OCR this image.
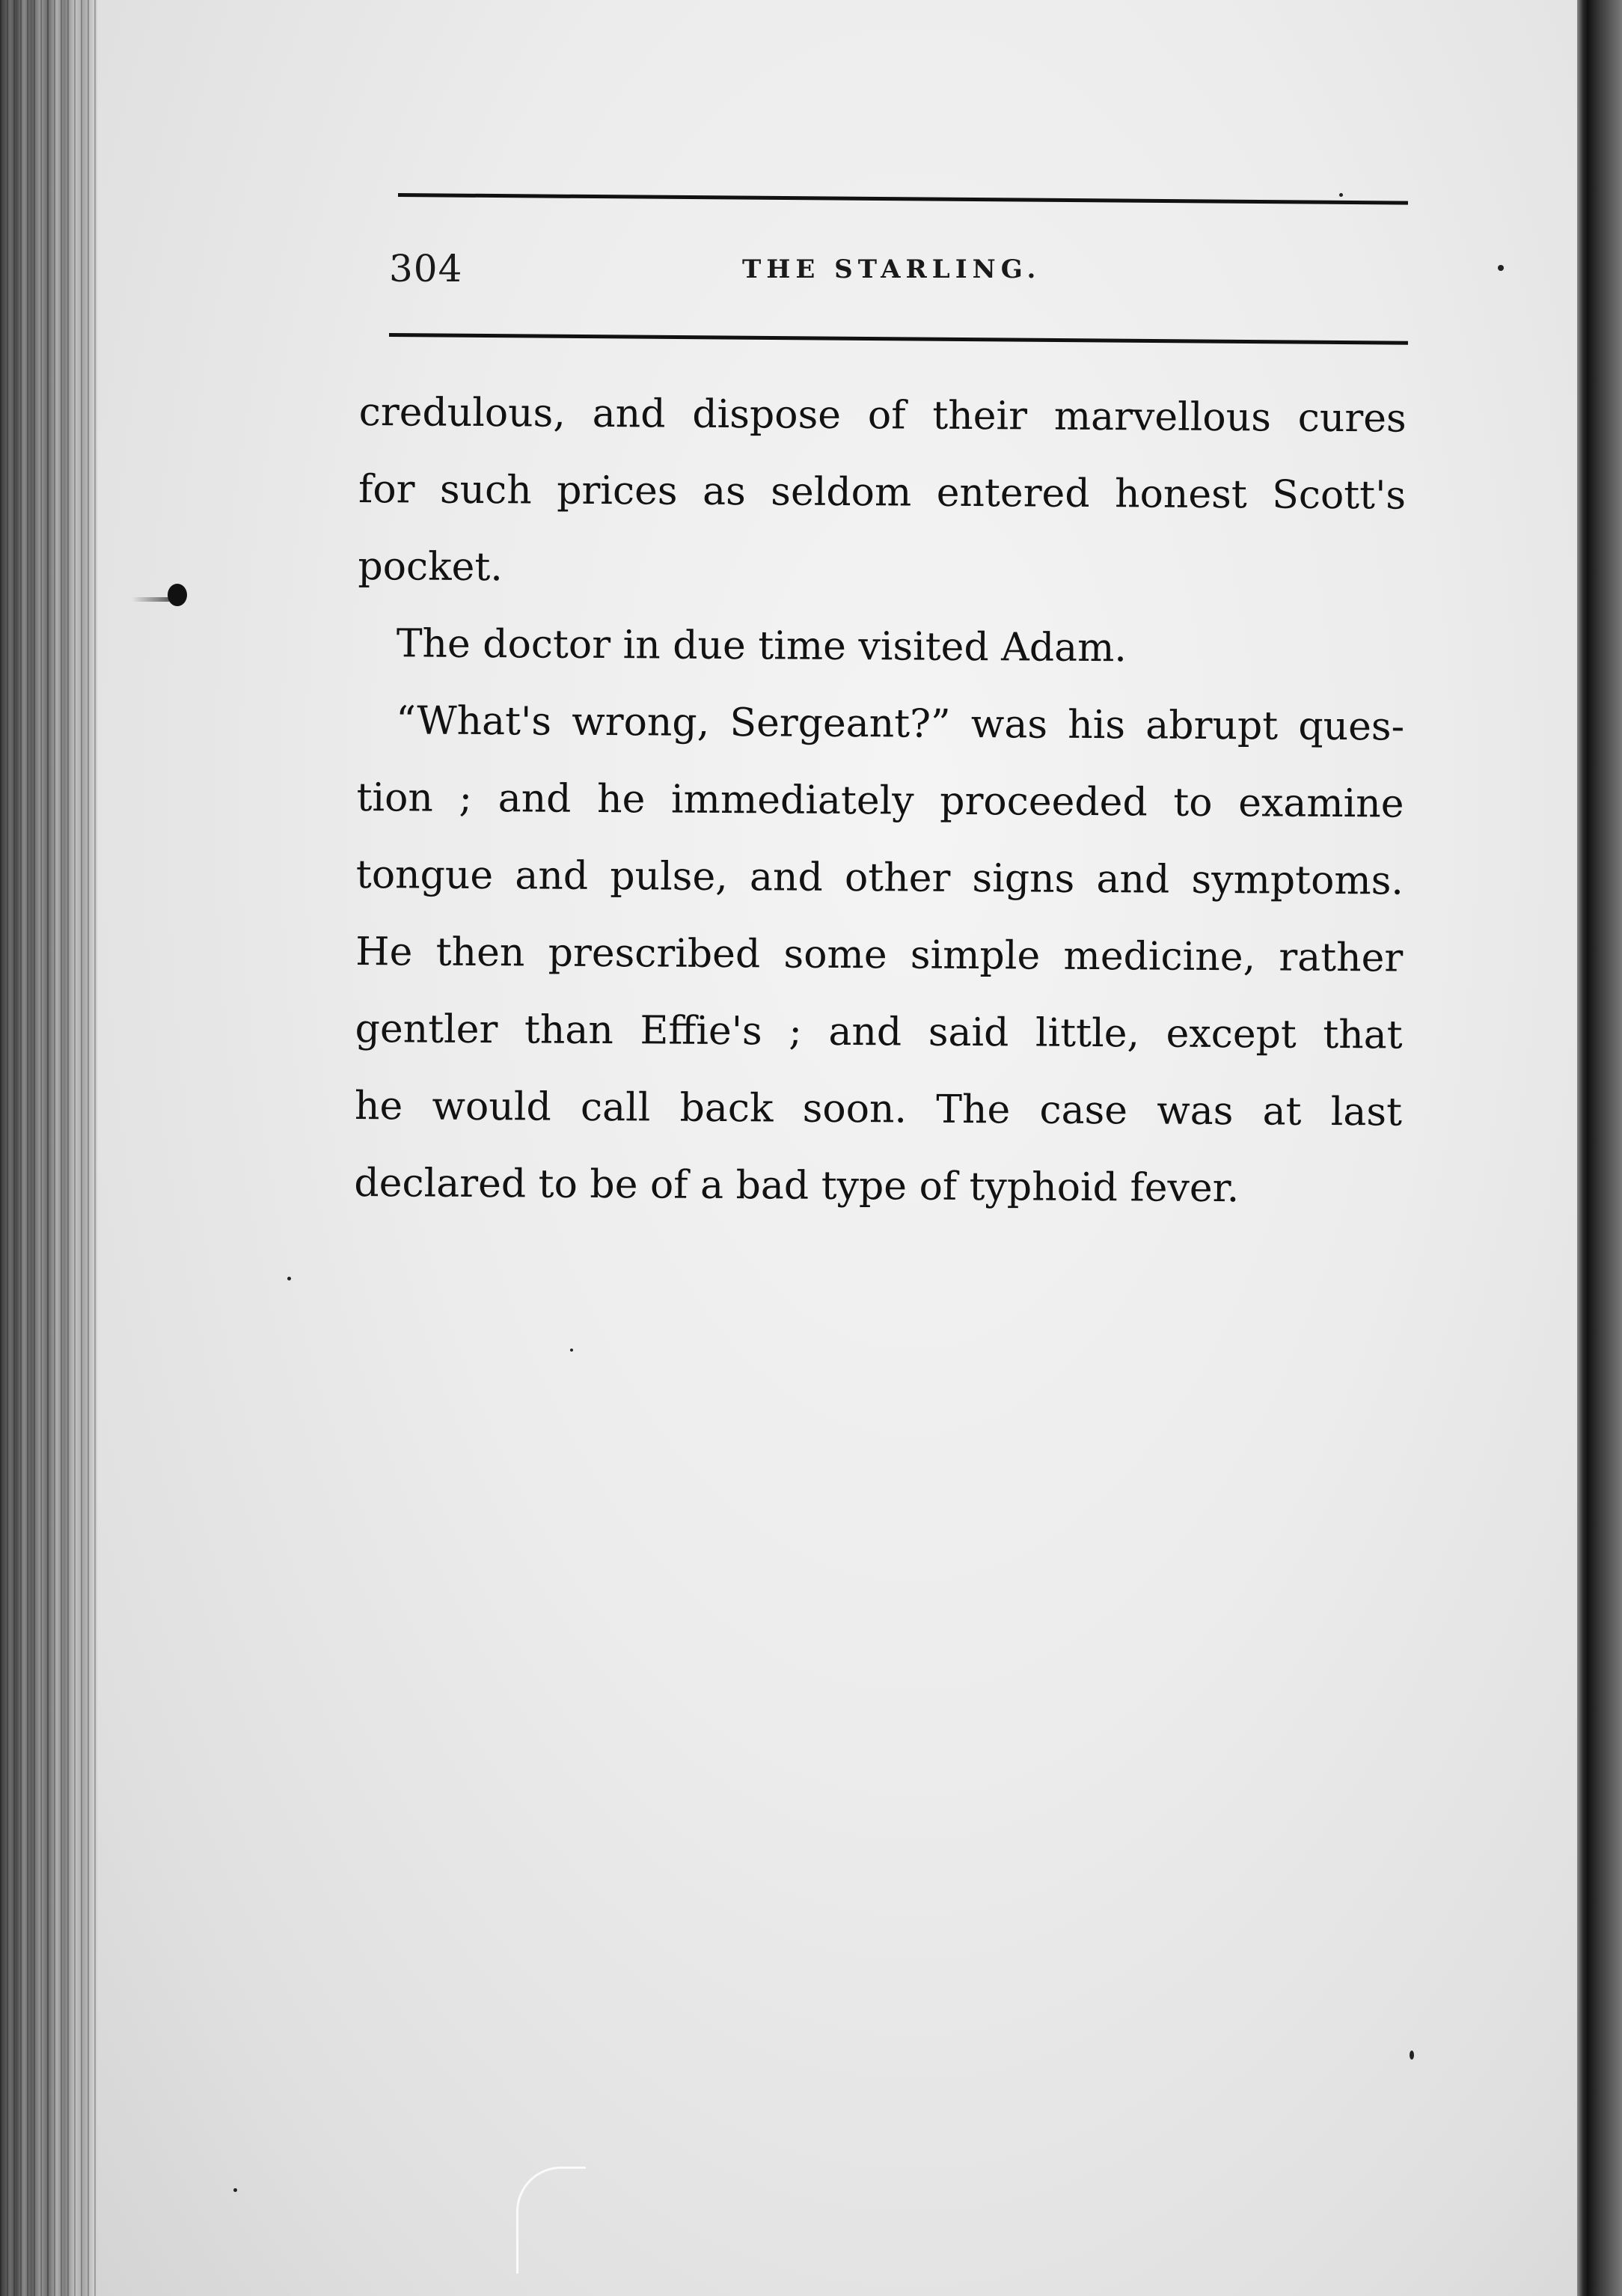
304	THE STARLING.
credulous, and dispose of their marvellous cures
for such prices as seldom entered honest Scott's
pocket.
The doctor in due time visited Adam.
“What's wrong, Sergeant?” was his abrupt ques-
tion ; and he immediately proceeded to examine
tongue and pulse, and other signs and symptoms.
He then prescribed some simple medicine, rather
gentler than Effie's ; and said little, except that
he would call back soon. The case was at last
declared to be of a bad type of typhoid fever.
